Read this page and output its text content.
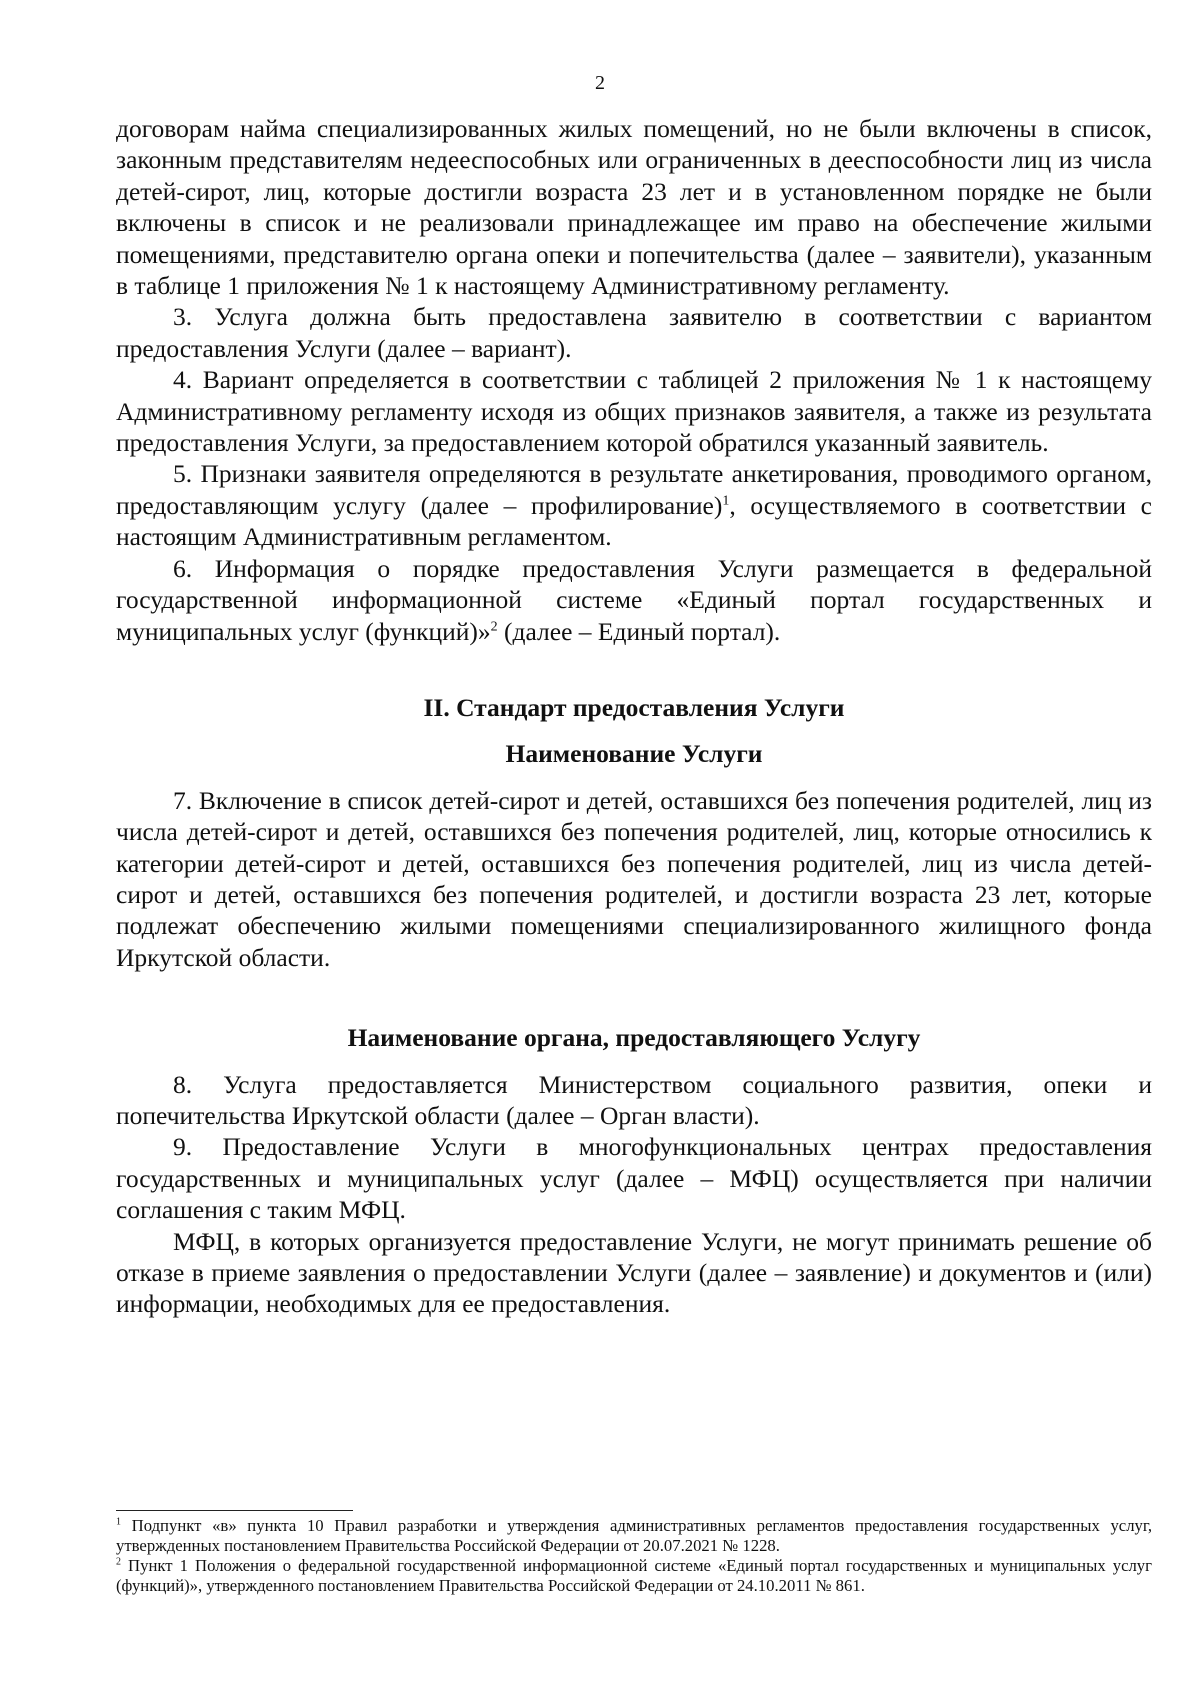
2

договорам найма специализированных жилых помещений, но не были включены в список, законным представителям недееспособных или ограниченных в дееспособности лиц из числа детей-сирот, лиц, которые достигли возраста 23 лет и в установленном порядке не были включены в список и не реализовали принадлежащее им право на обеспечение жилыми помещениями, представителю органа опеки и попечительства (далее – заявители), указанным в таблице 1 приложения № 1 к настоящему Административному регламенту.

3. Услуга должна быть предоставлена заявителю в соответствии с вариантом предоставления Услуги (далее – вариант).

4. Вариант определяется в соответствии с таблицей 2 приложения № 1 к настоящему Административному регламенту исходя из общих признаков заявителя, а также из результата предоставления Услуги, за предоставлением которой обратился указанный заявитель.

5. Признаки заявителя определяются в результате анкетирования, проводимого органом, предоставляющим услугу (далее – профилирование)$^1$, осуществляемого в соответствии с настоящим Административным регламентом.

6. Информация о порядке предоставления Услуги размещается в федеральной государственной информационной системе «Единый портал государственных и муниципальных услуг (функций)»$^2$ (далее – Единый портал).

II. Стандарт предоставления Услуги

Наименование Услуги

7. Включение в список детей-сирот и детей, оставшихся без попечения родителей, лиц из числа детей-сирот и детей, оставшихся без попечения родителей, лиц, которые относились к категории детей-сирот и детей, оставшихся без попечения родителей, лиц из числа детей-сирот и детей, оставшихся без попечения родителей, и достигли возраста 23 лет, которые подлежат обеспечению жилыми помещениями специализированного жилищного фонда Иркутской области.

Наименование органа, предоставляющего Услугу

8. Услуга предоставляется Министерством социального развития, опеки и попечительства Иркутской области (далее – Орган власти).

9. Предоставление Услуги в многофункциональных центрах предоставления государственных и муниципальных услуг (далее – МФЦ) осуществляется при наличии соглашения с таким МФЦ.

МФЦ, в которых организуется предоставление Услуги, не могут принимать решение об отказе в приеме заявления о предоставлении Услуги (далее – заявление) и документов и (или) информации, необходимых для ее предоставления.

$^1$ Подпункт «в» пункта 10 Правил разработки и утверждения административных регламентов предоставления государственных услуг, утвержденных постановлением Правительства Российской Федерации от 20.07.2021 № 1228.

$^2$ Пункт 1 Положения о федеральной государственной информационной системе «Единый портал государственных и муниципальных услуг (функций)», утвержденного постановлением Правительства Российской Федерации от 24.10.2011 № 861.
